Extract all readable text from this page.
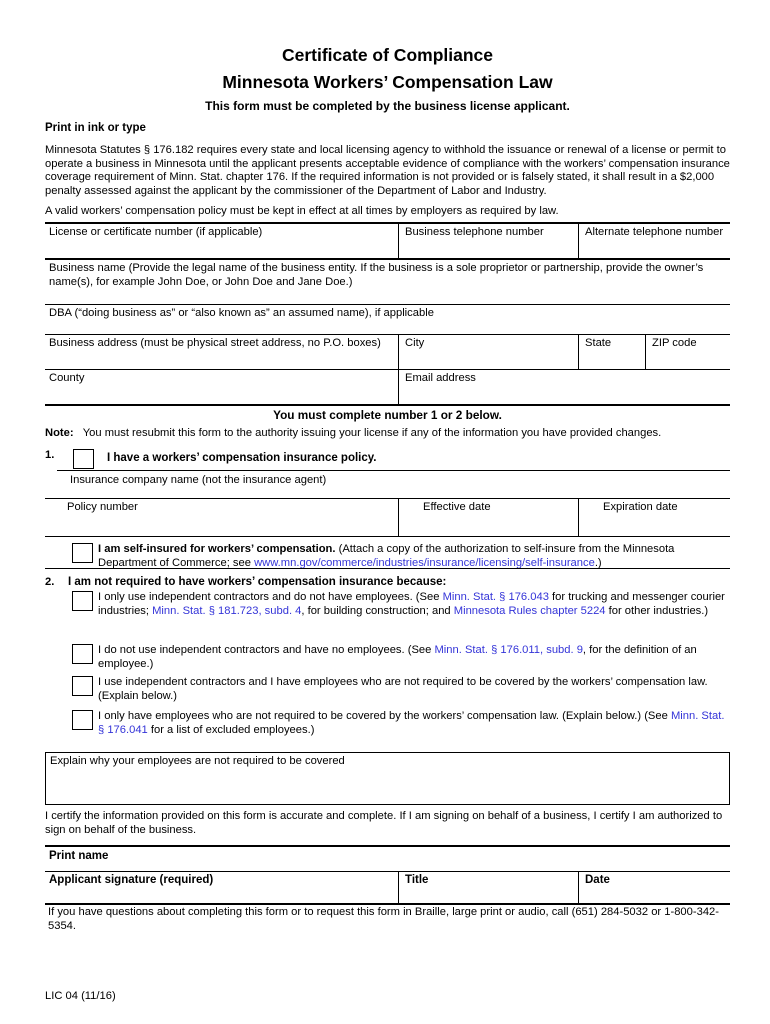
Certificate of Compliance
Minnesota Workers’ Compensation Law
This form must be completed by the business license applicant.
Print in ink or type
Minnesota Statutes § 176.182 requires every state and local licensing agency to withhold the issuance or renewal of a license or permit to operate a business in Minnesota until the applicant presents acceptable evidence of compliance with the workers’ compensation insurance coverage requirement of Minn. Stat. chapter 176. If the required information is not provided or is falsely stated, it shall result in a $2,000 penalty assessed against the applicant by the commissioner of the Department of Labor and Industry.
A valid workers’ compensation policy must be kept in effect at all times by employers as required by law.
License or certificate number (if applicable)	Business telephone number	Alternate telephone number
Business name (Provide the legal name of the business entity. If the business is a sole proprietor or partnership, provide the owner’s name(s), for example John Doe, or John Doe and Jane Doe.)
DBA (“doing business as” or “also known as” an assumed name), if applicable
Business address (must be physical street address, no P.O. boxes)	City	State	ZIP code
County	Email address
You must complete number 1 or 2 below.
Note: You must resubmit this form to the authority issuing your license if any of the information you have provided changes.
1.	I have a workers’ compensation insurance policy.
Insurance company name (not the insurance agent)
Policy number	Effective date	Expiration date
I am self-insured for workers’ compensation. (Attach a copy of the authorization to self-insure from the Minnesota Department of Commerce; see www.mn.gov/commerce/industries/insurance/licensing/self-insurance.)
2.	I am not required to have workers’ compensation insurance because:
I only use independent contractors and do not have employees. (See Minn. Stat. § 176.043 for trucking and messenger courier industries; Minn. Stat. § 181.723, subd. 4, for building construction; and Minnesota Rules chapter 5224 for other industries.)
I do not use independent contractors and have no employees. (See Minn. Stat. § 176.011, subd. 9, for the definition of an employee.)
I use independent contractors and I have employees who are not required to be covered by the workers’ compensation law. (Explain below.)
I only have employees who are not required to be covered by the workers’ compensation law. (Explain below.) (See Minn. Stat. § 176.041 for a list of excluded employees.)
Explain why your employees are not required to be covered
I certify the information provided on this form is accurate and complete. If I am signing on behalf of a business, I certify I am authorized to sign on behalf of the business.
Print name
Applicant signature (required)	Title	Date
If you have questions about completing this form or to request this form in Braille, large print or audio, call (651) 284-5032 or 1-800-342-5354.
LIC 04 (11/16)
